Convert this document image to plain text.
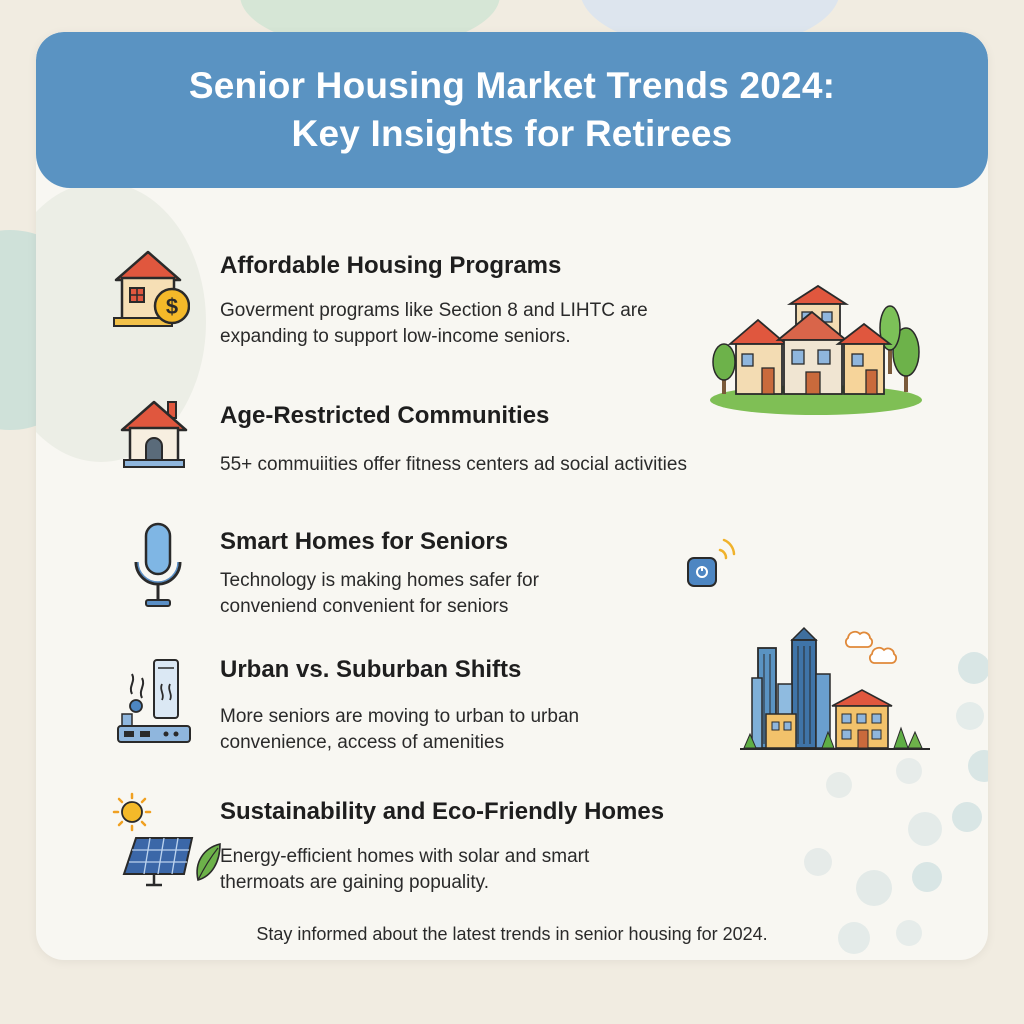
Senior Housing Market Trends 2024:
Key Insights for Retirees
$
Affordable Housing Programs
Goverment programs like Section 8 and LIHTC are
expanding to support low-income seniors.
Age-Restricted Communities
55+ commuiities offer fitness centers ad social activities
Smart Homes for Seniors
Technology is making homes safer for
conveniend convenient for seniors
Urban vs. Suburban Shifts
More seniors are moving to urban to urban
convenience, access of amenities
Sustainability and Eco-Friendly Homes
Energy-efficient homes with solar and smart
thermoats are gaining popuality.
Stay informed about the latest trends in senior housing for 2024.
